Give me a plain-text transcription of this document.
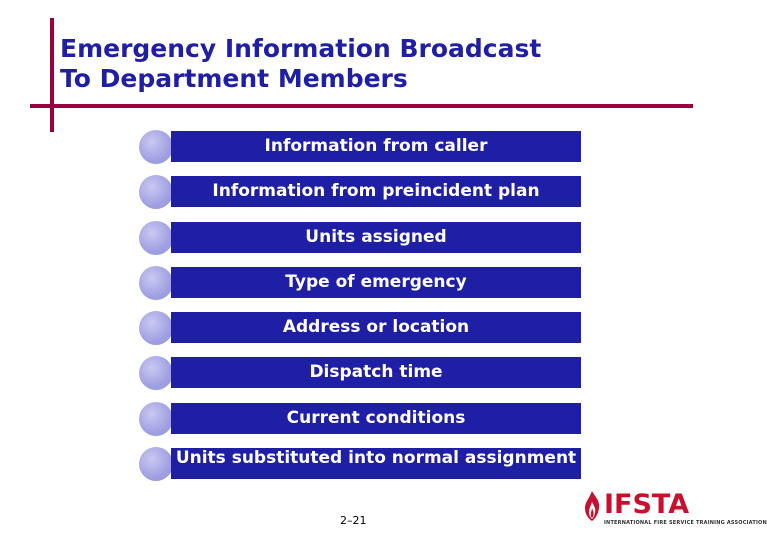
Emergency Information Broadcast
To Department Members
Information from caller
Information from preincident plan
Units assigned
Type of emergency
Address or location
Dispatch time
Current conditions
Units substituted into normal assignment
2–21
IFSTA
INTERNATIONAL FIRE SERVICE TRAINING ASSOCIATION
